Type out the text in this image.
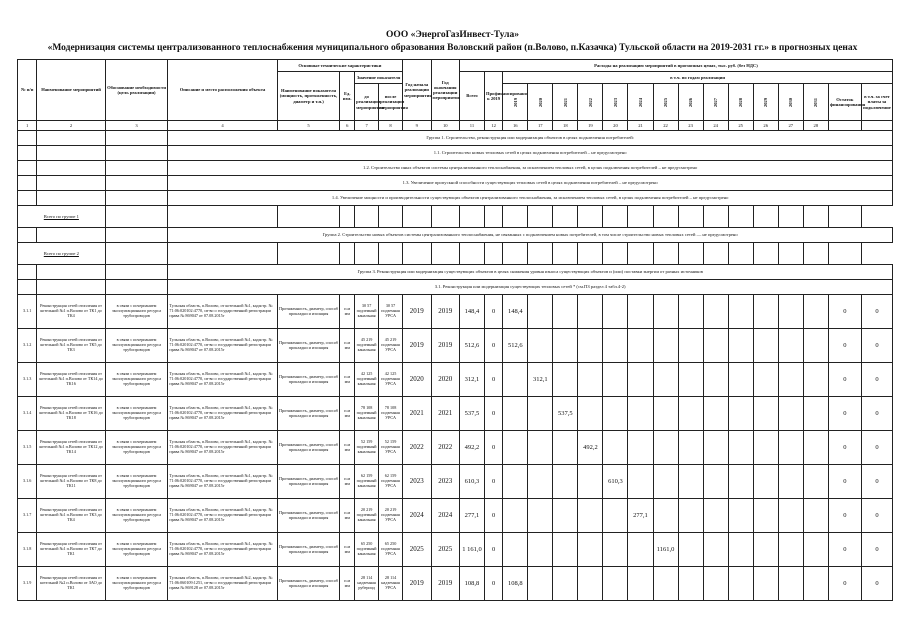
ООО «ЭнергоГазИнвест-Тула»
«Модернизация системы централизованного теплоснабжения муниципального образования Воловский район (п.Волово, п.Казачка) Тульской области на 2019-2031 гг.» в прогнозных ценах
№ п/п	Наименование мероприятий	Обоснование необходимости (цель реализации)	Описание и место расположения объекта	Основные технические характеристики				Год начала реализации мероприятия	Год окончания реализации мероприятия	Расходы на реализацию мероприятий в прогнозных ценах, тыс. руб. (без НДС)																
				Наименование показателя (мощность, протяженность, диаметр и т.п.)	Ед. изм.	Значение показателя				Всего	Профинансировано к 2019	в т.ч. по годам реализации														
						до реализации мероприятия	после реализации мероприятия					2019	2020	2021	2022	2023	2024	2025	2026	2027	2028	2029	2030	2031	Остаток финансирования	в т.ч. за счет платы за подключение

1	2	3	4	5	6	7	8	9	10	11	12	16	17	18	19	20	21	22	23	24	25	26	27	28		
			Группа 1. Строительство, реконструкция или модернизация объектов в целях подключения потребителей:																							
			1.1. Строительство новых тепловых сетей в целях подключения потребителей – не предусмотрено																							
			1.2. Строительство иных объектов системы централизованного теплоснабжения, за исключением тепловых сетей, в целях подключения потребителей – не предусмотрено																							
			1.3. Увеличение пропускной способности существующих тепловых сетей в целях подключения потребителей – не предусмотрено																							
			1.4. Увеличение мощности и производительности существующих объектов централизованного теплоснабжения, за исключением тепловых сетей, в целях подключения потребителей – не предусмотрено																							
Всего по группе 1																										
			Группа 2. Строительство новых объектов системы централизованного теплоснабжения, не связанных с подключением новых потребителей, в том числе строительство новых тепловых сетей — не предусмотрено																							
Всего по группе 2																										
			Группа 3. Реконструкция или модернизация существующих объектов в целях снижения уровня износа существующих объектов и (или) поставки энергии от разных источников																							
			3.1. Реконструкция или модернизация существующих тепловых сетей * (см.ПЗ раздел 4 табл.4-2)																							
3.1.1	Реконструкция сетей отопления от котельной №1 п.Волово от ТК1 до ТК4	в связи с исчерпанием эксплуатационного ресурса трубопроводов	Тульская область, п.Волово, от котельной №1, кадастр. № 71:06:020102:4770, св-во о государственной регистрации права № 869047 от 07.08.2015г	Протяженность, диаметр, способ прокладки и изоляция	п.м мм	30 57 подземный канальная	30 57 подземная УРСА	2019	2019	148,4	0	148,4													0	0
3.1.2	Реконструкция сетей отопления от котельной №1 п.Волово от ТК5 до ТК3	в связи с исчерпанием эксплуатационного ресурса трубопроводов	Тульская область, п.Волово, от котельной №1, кадастр. № 71:06:020102:4770, св-во о государственной регистрации права № 869047 от 07.08.2015г	Протяженность, диаметр, способ прокладки и изоляция	п.м мм	45 219 подземный канальная	45 219 подземная УРСА	2019	2019	512,6	0	512,6													0	0
3.1.3	Реконструкция сетей отопления от котельной №1 п.Волово от ТК14 до ТК16	в связи с исчерпанием эксплуатационного ресурса трубопроводов	Тульская область, п.Волово, от котельной №1, кадастр. № 71:06:020102:4770, св-во о государственной регистрации права № 869047 от 07.08.2015г	Протяженность, диаметр, способ прокладки и изоляция	п.м мм	42 125 подземный канальная	42 125 подземная УРСА	2020	2020	312,1	0		312,1												0	0
3.1.4	Реконструкция сетей отопления от котельной №1 п.Волово от ТК16 до ТК18	в связи с исчерпанием эксплуатационного ресурса трубопроводов	Тульская область, п.Волово, от котельной №1, кадастр. № 71:06:020102:4770, св-во о государственной регистрации права № 869047 от 07.08.2015г	Протяженность, диаметр, способ прокладки и изоляция	п.м мм	78 108 подземный канальная	78 108 подземная УРСА	2021	2021	537,5	0			537,5											0	0
3.1.5	Реконструкция сетей отопления от котельной №1 п.Волово от ТК12 до ТК14	в связи с исчерпанием эксплуатационного ресурса трубопроводов	Тульская область, п.Волово, от котельной №1, кадастр. № 71:06:020102:4770, св-во о государственной регистрации права № 869047 от 07.08.2015г	Протяженность, диаметр, способ прокладки и изоляция	п.м мм	52 159 подземный канальная	52 159 подземная УРСА	2022	2022	492,2	0				492,2										0	0
3.1.6	Реконструкция сетей отопления от котельной №1 п.Волово от ТК8 до ТК11	в связи с исчерпанием эксплуатационного ресурса трубопроводов	Тульская область, п.Волово, от котельной №1, кадастр. № 71:06:020102:4770, св-во о государственной регистрации права № 869047 от 07.08.2015г	Протяженность, диаметр, способ прокладки и изоляция	п.м мм	62 159 подземный канальная	62 159 подземная УРСА	2023	2023	610,3	0					610,3									0	0
3.1.7	Реконструкция сетей отопления от котельной №1 п.Волово от ТК3 до ТК4	в связи с исчерпанием эксплуатационного ресурса трубопроводов	Тульская область, п.Волово, от котельной №1, кадастр. № 71:06:020102:4770, св-во о государственной регистрации права № 869047 от 07.08.2015г	Протяженность, диаметр, способ прокладки и изоляция	п.м мм	20 219 подземный канальная	20 219 подземная УРСА	2024	2024	277,1	0						277,1								0	0
3.1.8	Реконструкция сетей отопления от котельной №1 п.Волово от ТК7 до ТК1	в связи с исчерпанием эксплуатационного ресурса трубопроводов	Тульская область, п.Волово, от котельной №1, кадастр. № 71:06:020102:4770, св-во о государственной регистрации права № 869047 от 07.08.2015г	Протяженность, диаметр, способ прокладки и изоляция	п.м мм	65 250 подземный канальная	65 250 подземная УРСА	2025	2025	1 161,0	0							1161,0							0	0
3.1.9	Реконструкция сетей отопления от котельной №2 п.Волово от ЗАО до ТК1	в связи с исчерпанием эксплуатационного ресурса трубопроводов	Тульская область, п.Волово, от котельной №2, кадастр. № 71:06:060109:1251, св-во о государственной регистрации права № 869128 от 07.08.2015г	Протяженность, диаметр, способ прокладки и изоляция	п.м мм	28 114 надземная рубероид	28 114 надземная УРСА	2019	2019	108,8	0	108,8													0	0
